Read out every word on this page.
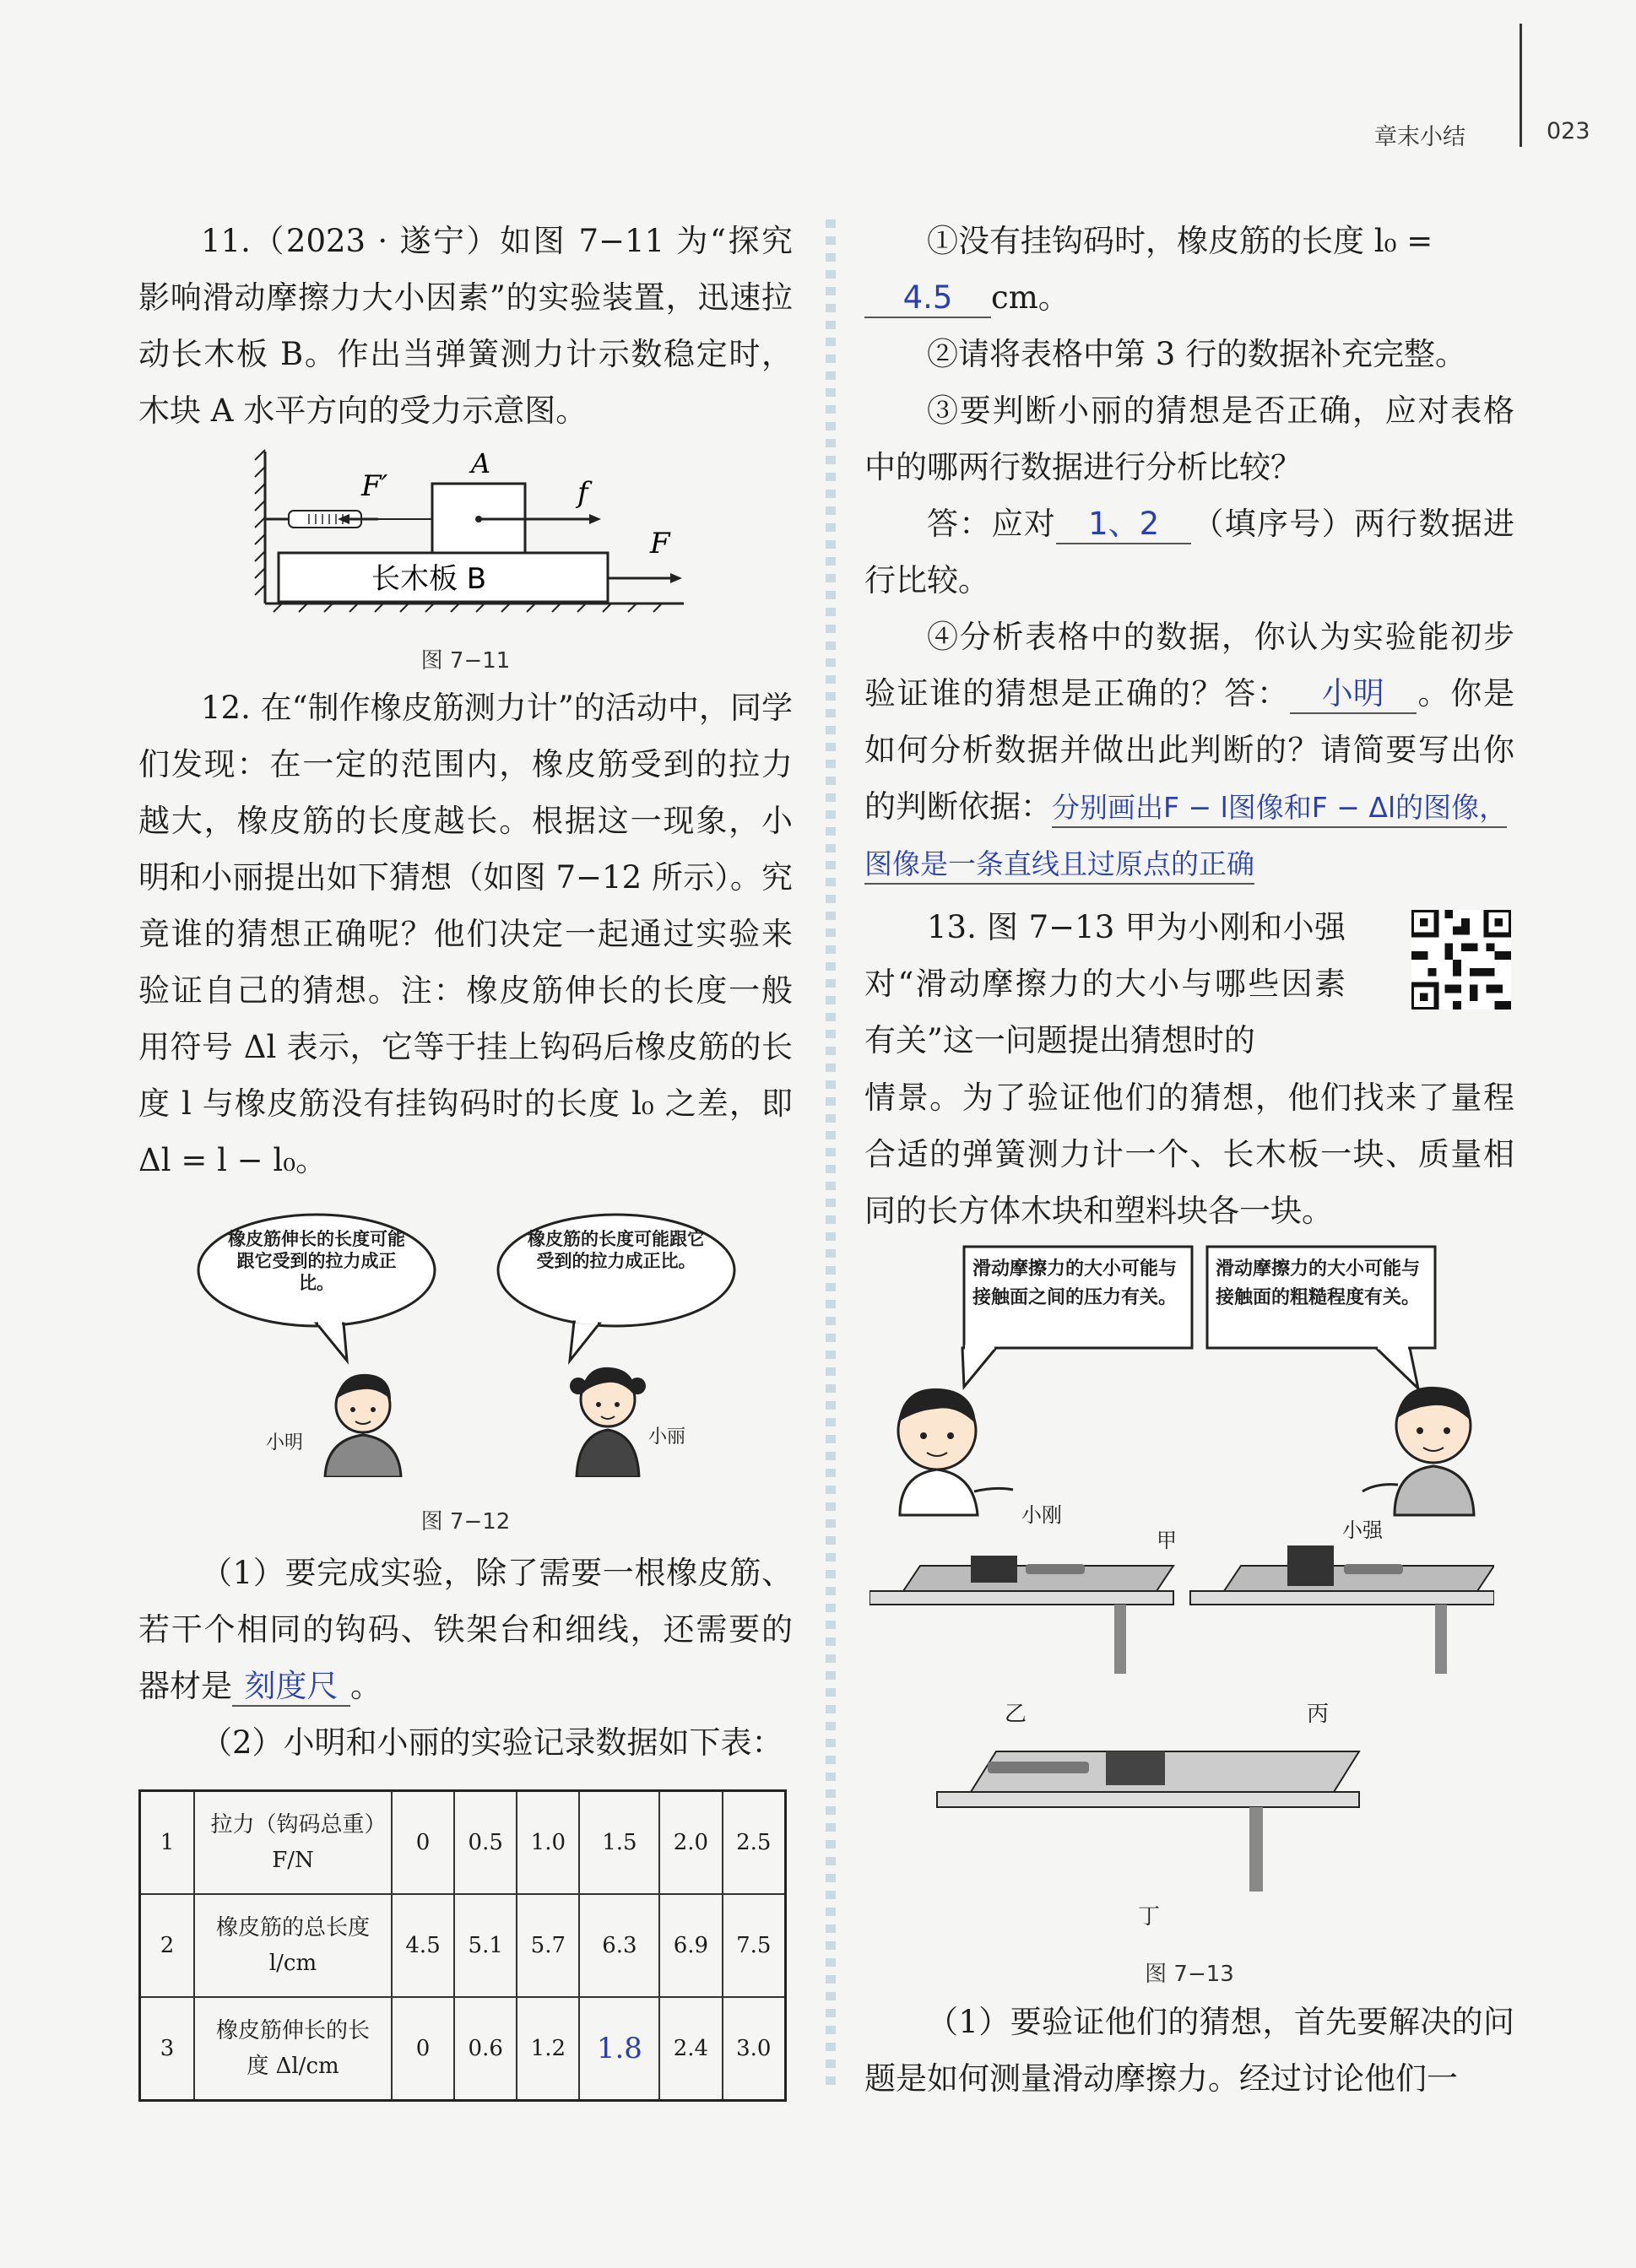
章末小结	023

11.（2023 · 遂宁）如图 7−11 为“探究影响滑动摩擦力大小因素”的实验装置，迅速拉动长木板 B。作出当弹簧测力计示数稳定时，木块 A 水平方向的受力示意图。

F′
A
f
F
长木板 B
图 7−11

12. 在“制作橡皮筋测力计”的活动中，同学们发现：在一定的范围内，橡皮筋受到的拉力越大，橡皮筋的长度越长。根据这一现象，小明和小丽提出如下猜想（如图 7−12 所示）。究竟谁的猜想正确呢？他们决定一起通过实验来验证自己的猜想。注：橡皮筋伸长的长度一般用符号 Δl 表示，它等于挂上钩码后橡皮筋的长度 l 与橡皮筋没有挂钩码时的长度 l₀ 之差，即 Δl = l − l₀。

橡皮筋伸长的长度可能跟它受到的拉力成正比。
橡皮筋的长度可能跟它受到的拉力成正比。
小明	小丽
图 7−12

（1）要完成实验，除了需要一根橡皮筋、若干个相同的钩码、铁架台和细线，还需要的器材是 刻度尺 。

（2）小明和小丽的实验记录数据如下表：

1	拉力（钩码总重）F/N	0	0.5	1.0	1.5	2.0	2.5
2	橡皮筋的总长度 l/cm	4.5	5.1	5.7	6.3	6.9	7.5
3	橡皮筋伸长的长度 Δl/cm	0	0.6	1.2	1.8	2.4	3.0

①没有挂钩码时，橡皮筋的长度 l₀ =

4.5 cm。

②请将表格中第 3 行的数据补充完整。

③要判断小丽的猜想是否正确，应对表格中的哪两行数据进行分析比较？

答：应对 1、2 （填序号）两行数据进行比较。

④分析表格中的数据，你认为实验能初步验证谁的猜想是正确的？答： 小明 。你是如何分析数据并做出此判断的？请简要写出你的判断依据：分别画出F − l图像和F − Δl的图像，
图像是一条直线且过原点的正确

13. 图 7−13 甲为小刚和小强对“滑动摩擦力的大小与哪些因素有关”这一问题提出猜想时的

情景。为了验证他们的猜想，他们找来了量程合适的弹簧测力计一个、长木板一块、质量相同的长方体木块和塑料块各一块。

滑动摩擦力的大小可能与接触面之间的压力有关。
滑动摩擦力的大小可能与接触面的粗糙程度有关。
小刚
甲	小强
乙	丙
丁
图 7−13

（1）要验证他们的猜想，首先要解决的问题是如何测量滑动摩擦力。经过讨论他们一
